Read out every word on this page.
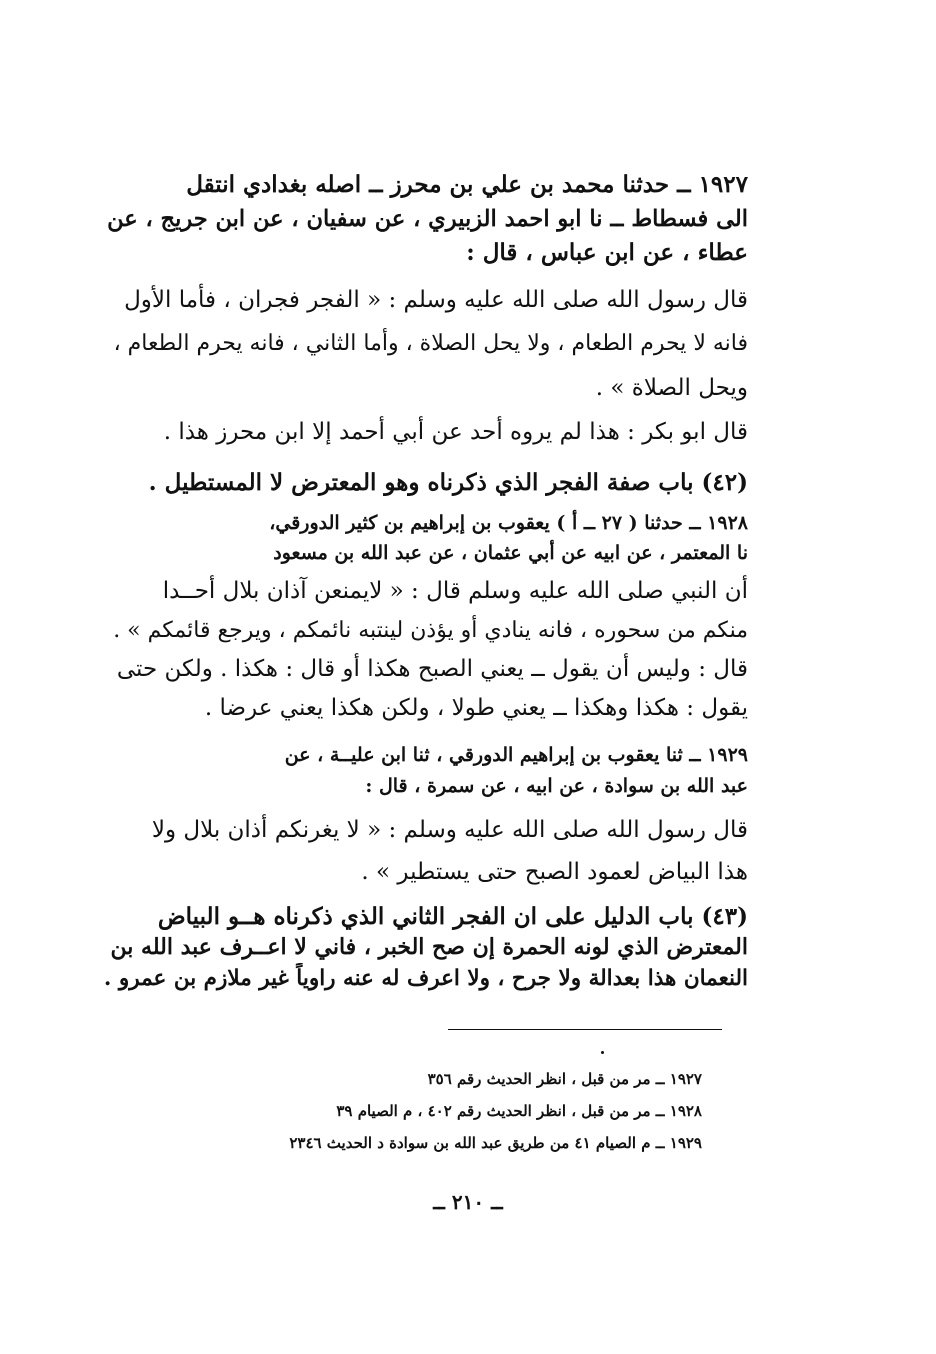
١٩٢٧ ــ حدثنا محمد بن علي بن محرز ــ اصله بغدادي انتقل
الى فسطاط ــ نا ابو احمد الزبيري ، عن سفيان ، عن ابن جريج ، عن
عطاء ، عن ابن عباس ، قال :
قال رسول الله صلى الله عليه وسلم : « الفجر فجران ، فأما الأول
فانه لا يحرم الطعام ، ولا يحل الصلاة ، وأما الثاني ، فانه يحرم الطعام ،
ويحل الصلاة » .
قال ابو بكر : هذا لم يروه أحد عن أبي أحمد إلا ابن محرز هذا .
(٤٢) باب صفة الفجر الذي ذكرناه وهو المعترض لا المستطيل .
١٩٢٨ ــ حدثنا ( ٢٧ ــ أ ) يعقوب بن إبراهيم بن كثير الدورقي،
نا المعتمر ، عن ابيه عن أبي عثمان ، عن عبد الله بن مسعود
أن النبي صلى الله عليه وسلم قال : « لايمنعن آذان بلال أحــدا
منكم من سحوره ، فانه ينادي أو يؤذن لينتبه نائمكم ، ويرجع قائمكم » .
قال : وليس أن يقول ــ يعني الصبح هكذا أو قال : هكذا . ولكن حتى
يقول : هكذا وهكذا ــ يعني طولا ، ولكن هكذا يعني عرضا .
١٩٢٩ ــ ثنا يعقوب بن إبراهيم الدورقي ، ثنا ابن عليــة ، عن
عبد الله بن سوادة ، عن ابيه ، عن سمرة ، قال :
قال رسول الله صلى الله عليه وسلم : « لا يغرنكم أذان بلال ولا
هذا البياض لعمود الصبح حتى يستطير » .
(٤٣) باب الدليل على ان الفجر الثاني الذي ذكرناه هــو البياض
المعترض الذي لونه الحمرة إن صح الخبر ، فاني لا اعــرف عبد الله بن
النعمان هذا بعدالة ولا جرح ، ولا اعرف له عنه راوياً غير ملازم بن عمرو .
١٩٢٧ ــ مر من قبل ، انظر الحديث رقم ٣٥٦
١٩٢٨ ــ مر من قبل ، انظر الحديث رقم ٤٠٢ ، م الصيام ٣٩
١٩٢٩ ــ م الصيام ٤١ من طريق عبد الله بن سوادة د الحديث ٢٣٤٦
ــ ٢١٠ ــ
